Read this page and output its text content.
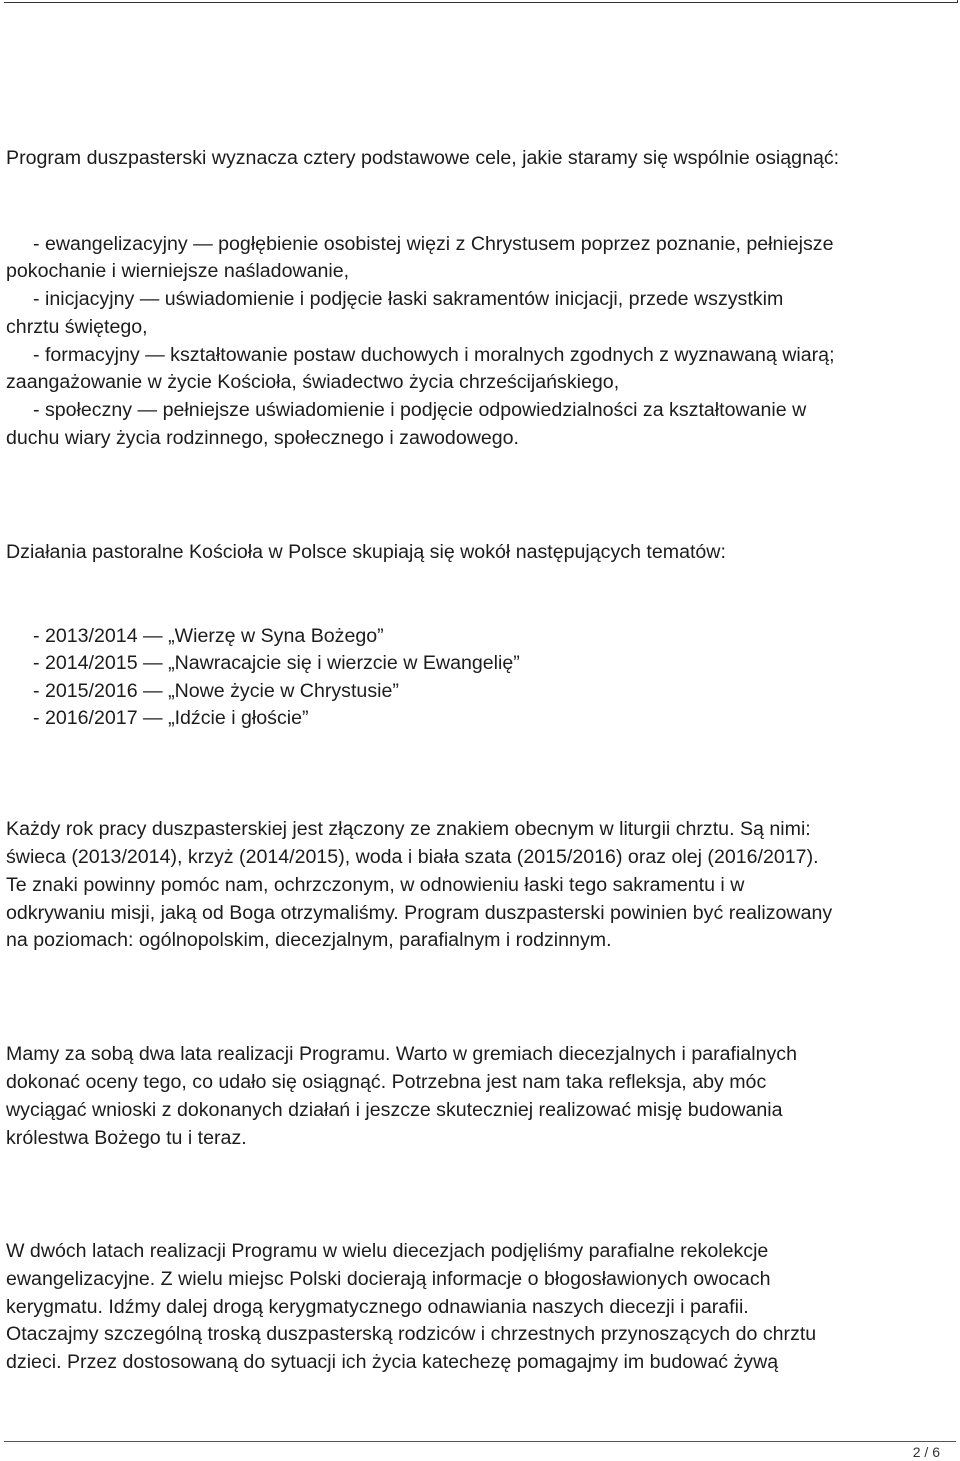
Program duszpasterski wyznacza cztery podstawowe cele, jakie staramy się wspólnie osiągnąć:
- ewangelizacyjny — pogłębienie osobistej więzi z Chrystusem poprzez poznanie, pełniejsze
pokochanie i wierniejsze naśladowanie,
- inicjacyjny — uświadomienie i podjęcie łaski sakramentów inicjacji, przede wszystkim
chrztu świętego,
- formacyjny — kształtowanie postaw duchowych i moralnych zgodnych z wyznawaną wiarą;
zaangażowanie w życie Kościoła, świadectwo życia chrześcijańskiego,
- społeczny — pełniejsze uświadomienie i podjęcie odpowiedzialności za kształtowanie w
duchu wiary życia rodzinnego, społecznego i zawodowego.
Działania pastoralne Kościoła w Polsce skupiają się wokół następujących tematów:
- 2013/2014 — „Wierzę w Syna Bożego”
- 2014/2015 — „Nawracajcie się i wierzcie w Ewangelię”
- 2015/2016 — „Nowe życie w Chrystusie”
- 2016/2017 — „Idźcie i głoście”
Każdy rok pracy duszpasterskiej jest złączony ze znakiem obecnym w liturgii chrztu. Są nimi:
świeca (2013/2014), krzyż (2014/2015), woda i biała szata (2015/2016) oraz olej (2016/2017).
Te znaki powinny pomóc nam, ochrzczonym, w odnowieniu łaski tego sakramentu i w
odkrywaniu misji, jaką od Boga otrzymaliśmy. Program duszpasterski powinien być realizowany
na poziomach: ogólnopolskim, diecezjalnym, parafialnym i rodzinnym.
Mamy za sobą dwa lata realizacji Programu. Warto w gremiach diecezjalnych i parafialnych
dokonać oceny tego, co udało się osiągnąć. Potrzebna jest nam taka refleksja, aby móc
wyciągać wnioski z dokonanych działań i jeszcze skuteczniej realizować misję budowania
królestwa Bożego tu i teraz.
W dwóch latach realizacji Programu w wielu diecezjach podjęliśmy parafialne rekolekcje
ewangelizacyjne. Z wielu miejsc Polski docierają informacje o błogosławionych owocach
kerygmatu. Idźmy dalej drogą kerygmatycznego odnawiania naszych diecezji i parafii.
Otaczajmy szczególną troską duszpasterską rodziców i chrzestnych przynoszących do chrztu
dzieci. Przez dostosowaną do sytuacji ich życia katechezę pomagajmy im budować żywą
2 / 6
